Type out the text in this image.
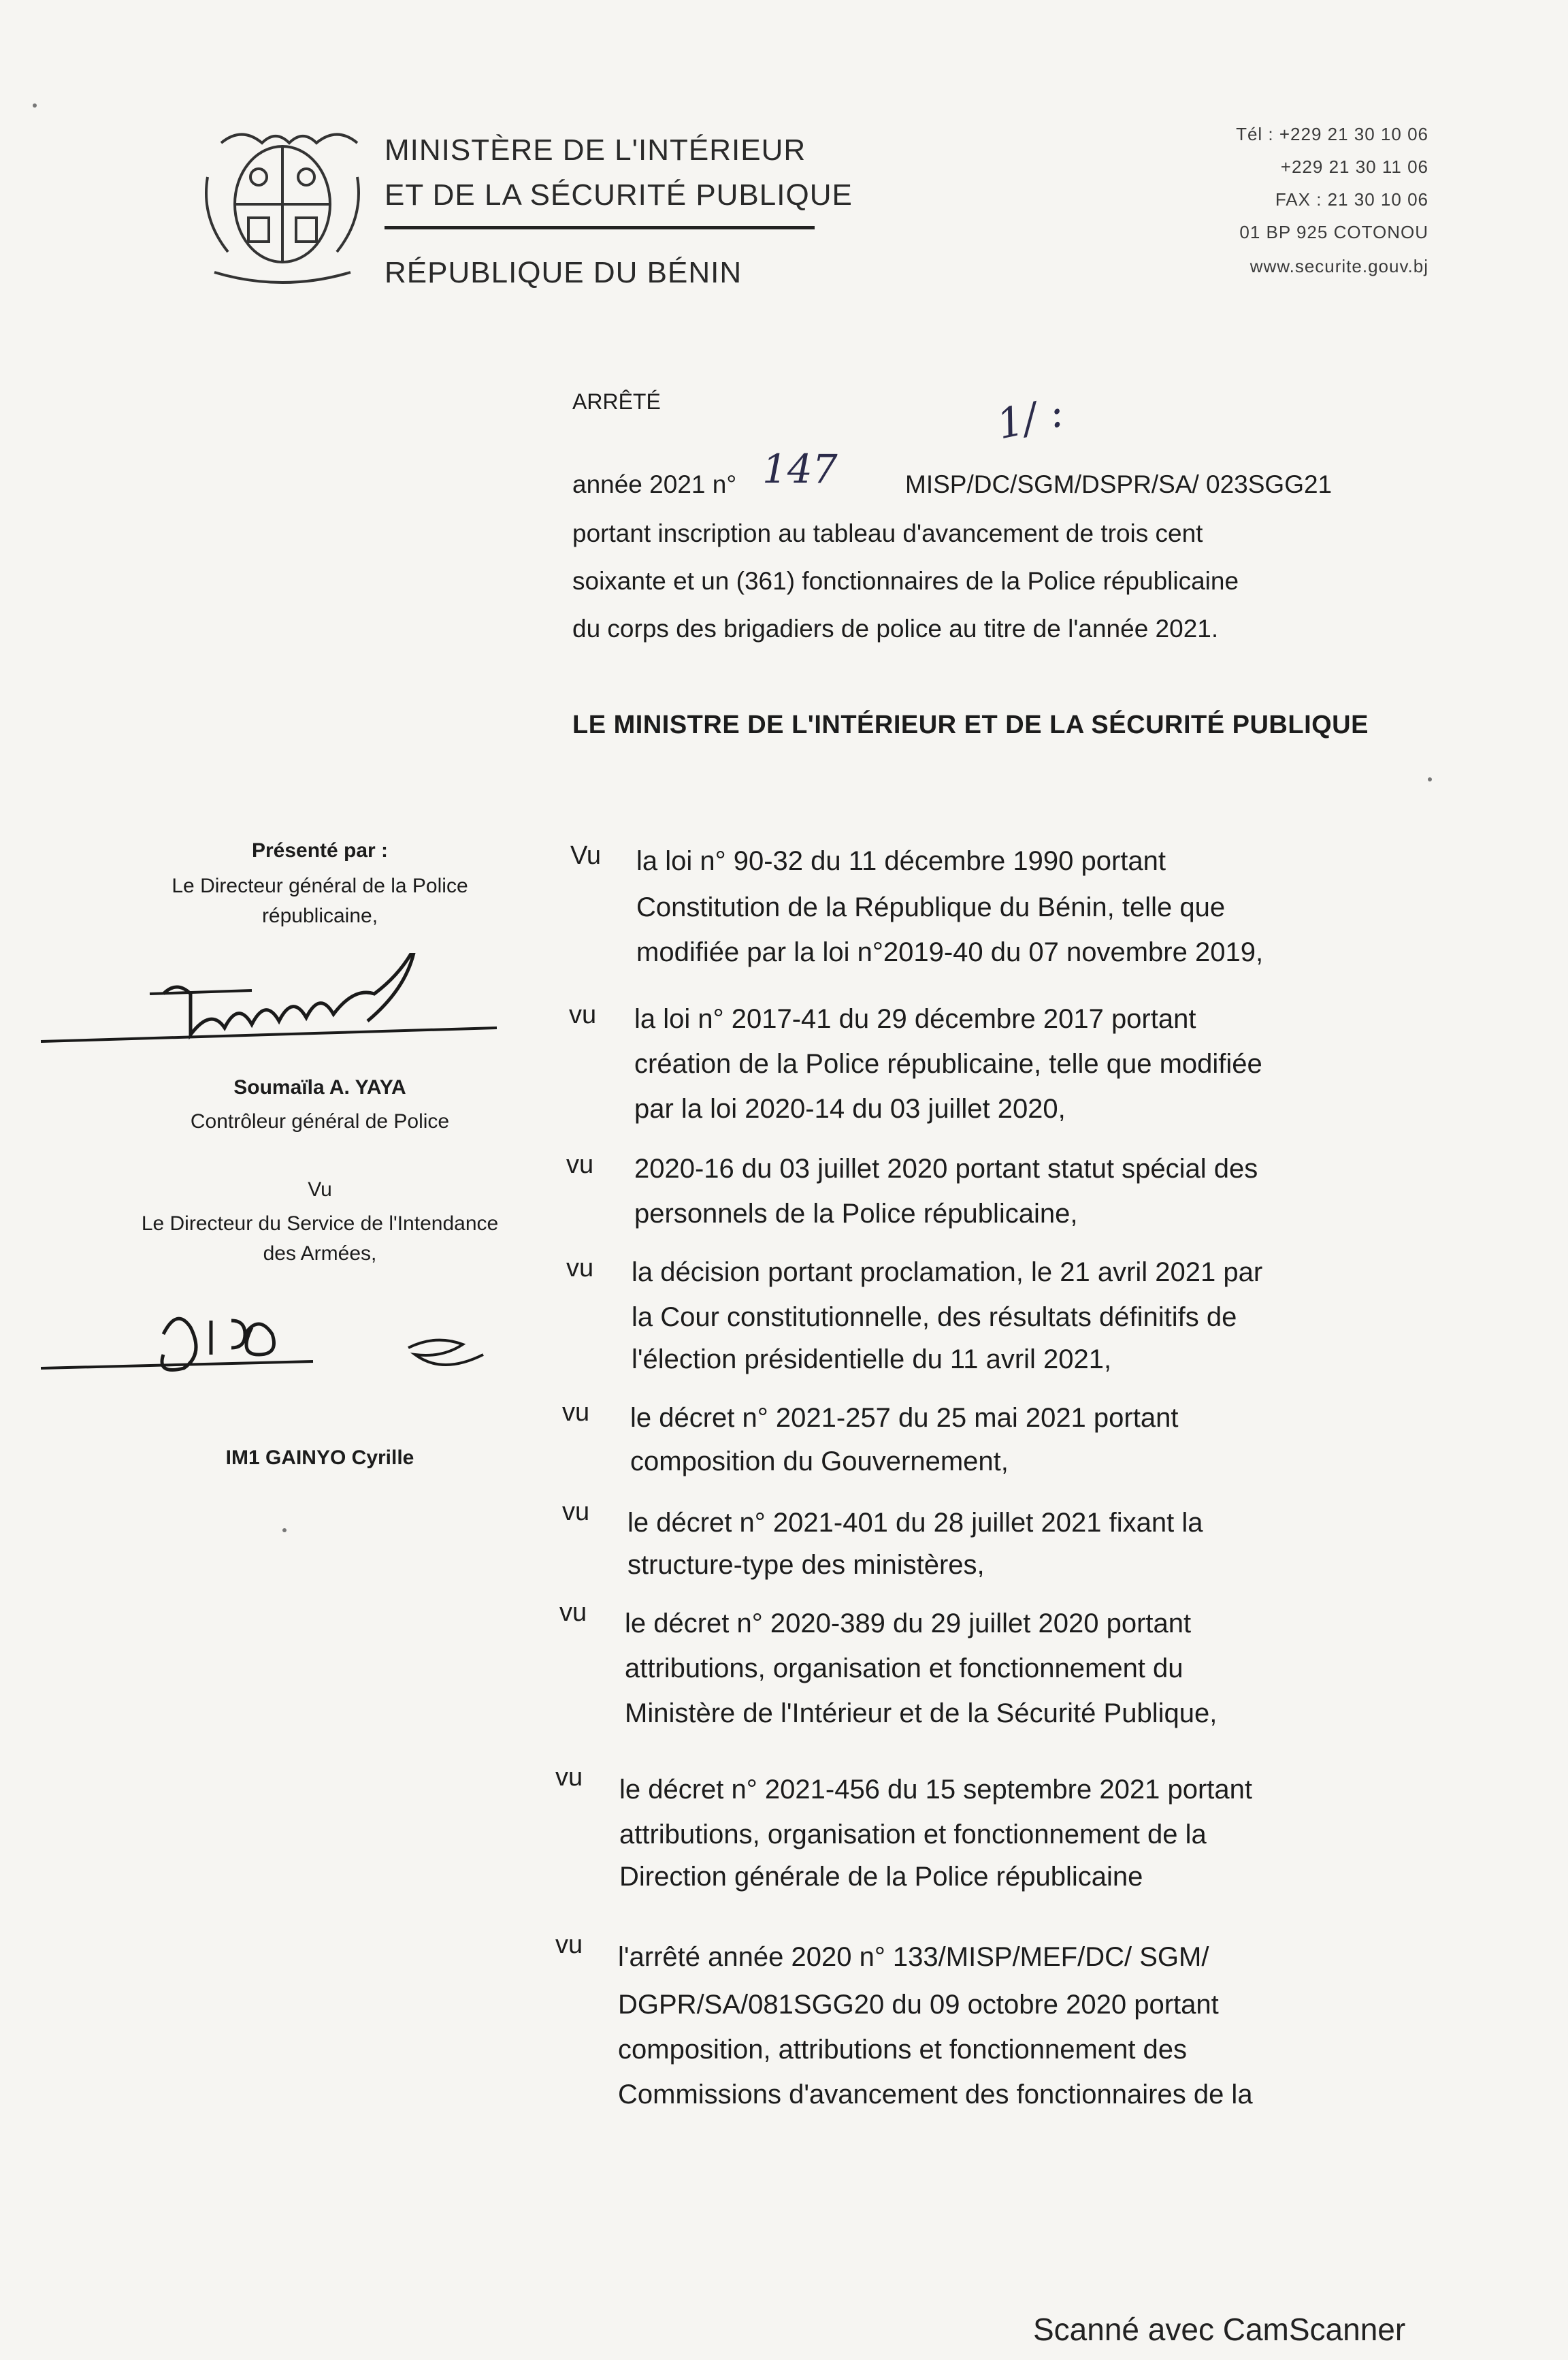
MINISTÈRE DE L'INTÉRIEUR
ET DE LA SÉCURITÉ PUBLIQUE
RÉPUBLIQUE DU BÉNIN
Tél : +229 21 30 10 06
+229 21 30 11 06
FAX : 21 30 10 06
01 BP 925 COTONOU
www.securite.gouv.bj
ARRÊTÉ	1/ :
année 2021 n° 147	MISP/DC/SGM/DSPR/SA/ 023SGG21
portant inscription au tableau d'avancement de trois cent
soixante et un (361) fonctionnaires de la Police républicaine
du corps des brigadiers de police au titre de l'année 2021.
LE MINISTRE DE L'INTÉRIEUR ET DE LA SÉCURITÉ PUBLIQUE
Présenté par :
Le Directeur général de la Police
républicaine,
Soumaïla A. YAYA
Contrôleur général de Police
Vu
Le Directeur du Service de l'Intendance
des Armées,
IM1 GAINYO Cyrille
Vu la loi n° 90-32 du 11 décembre 1990 portant
Constitution de la République du Bénin, telle que
modifiée par la loi n°2019-40 du 07 novembre 2019,
vu la loi n° 2017-41 du 29 décembre 2017 portant
création de la Police républicaine, telle que modifiée
par la loi 2020-14 du 03 juillet 2020,
vu 2020-16 du 03 juillet 2020 portant statut spécial des
personnels de la Police républicaine,
vu la décision portant proclamation, le 21 avril 2021 par
la Cour constitutionnelle, des résultats définitifs de
l'élection présidentielle du 11 avril 2021,
vu le décret n° 2021-257 du 25 mai 2021 portant
composition du Gouvernement,
vu le décret n° 2021-401 du 28 juillet 2021 fixant la
structure-type des ministères,
vu le décret n° 2020-389 du 29 juillet 2020 portant
attributions, organisation et fonctionnement du
Ministère de l'Intérieur et de la Sécurité Publique,
vu le décret n° 2021-456 du 15 septembre 2021 portant
attributions, organisation et fonctionnement de la
Direction générale de la Police républicaine
vu l'arrêté année 2020 n° 133/MISP/MEF/DC/ SGM/
DGPR/SA/081SGG20 du 09 octobre 2020 portant
composition, attributions et fonctionnement des
Commissions d'avancement des fonctionnaires de la
Scanné avec CamScanner
